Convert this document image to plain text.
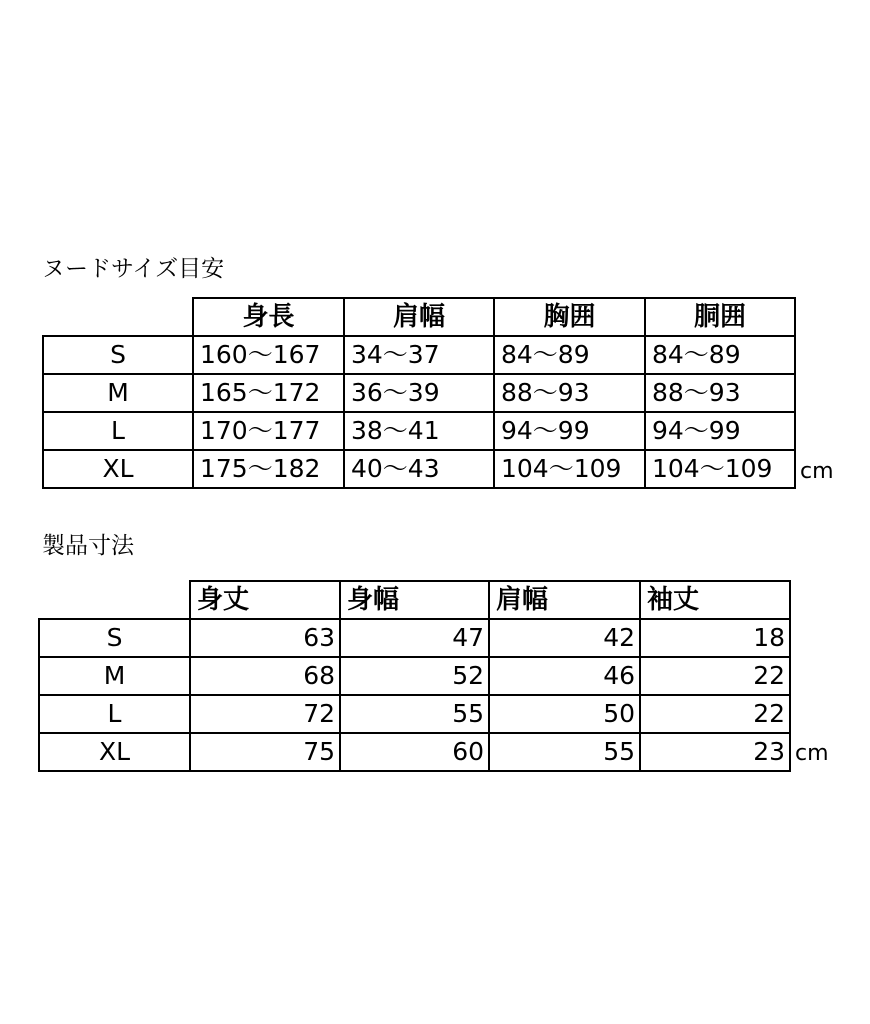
ヌードサイズ目安
	身長	肩幅	胸囲	胴囲
S	160～167	34～37	84～89	84～89
M	165～172	36～39	88～93	88～93
L	170～177	38～41	94～99	94～99
XL	175～182	40～43	104～109	104～109 cm
製品寸法
	身丈	身幅	肩幅	袖丈
S	63	47	42	18
M	68	52	46	22
L	72	55	50	22
XL	75	60	55	23 cm
